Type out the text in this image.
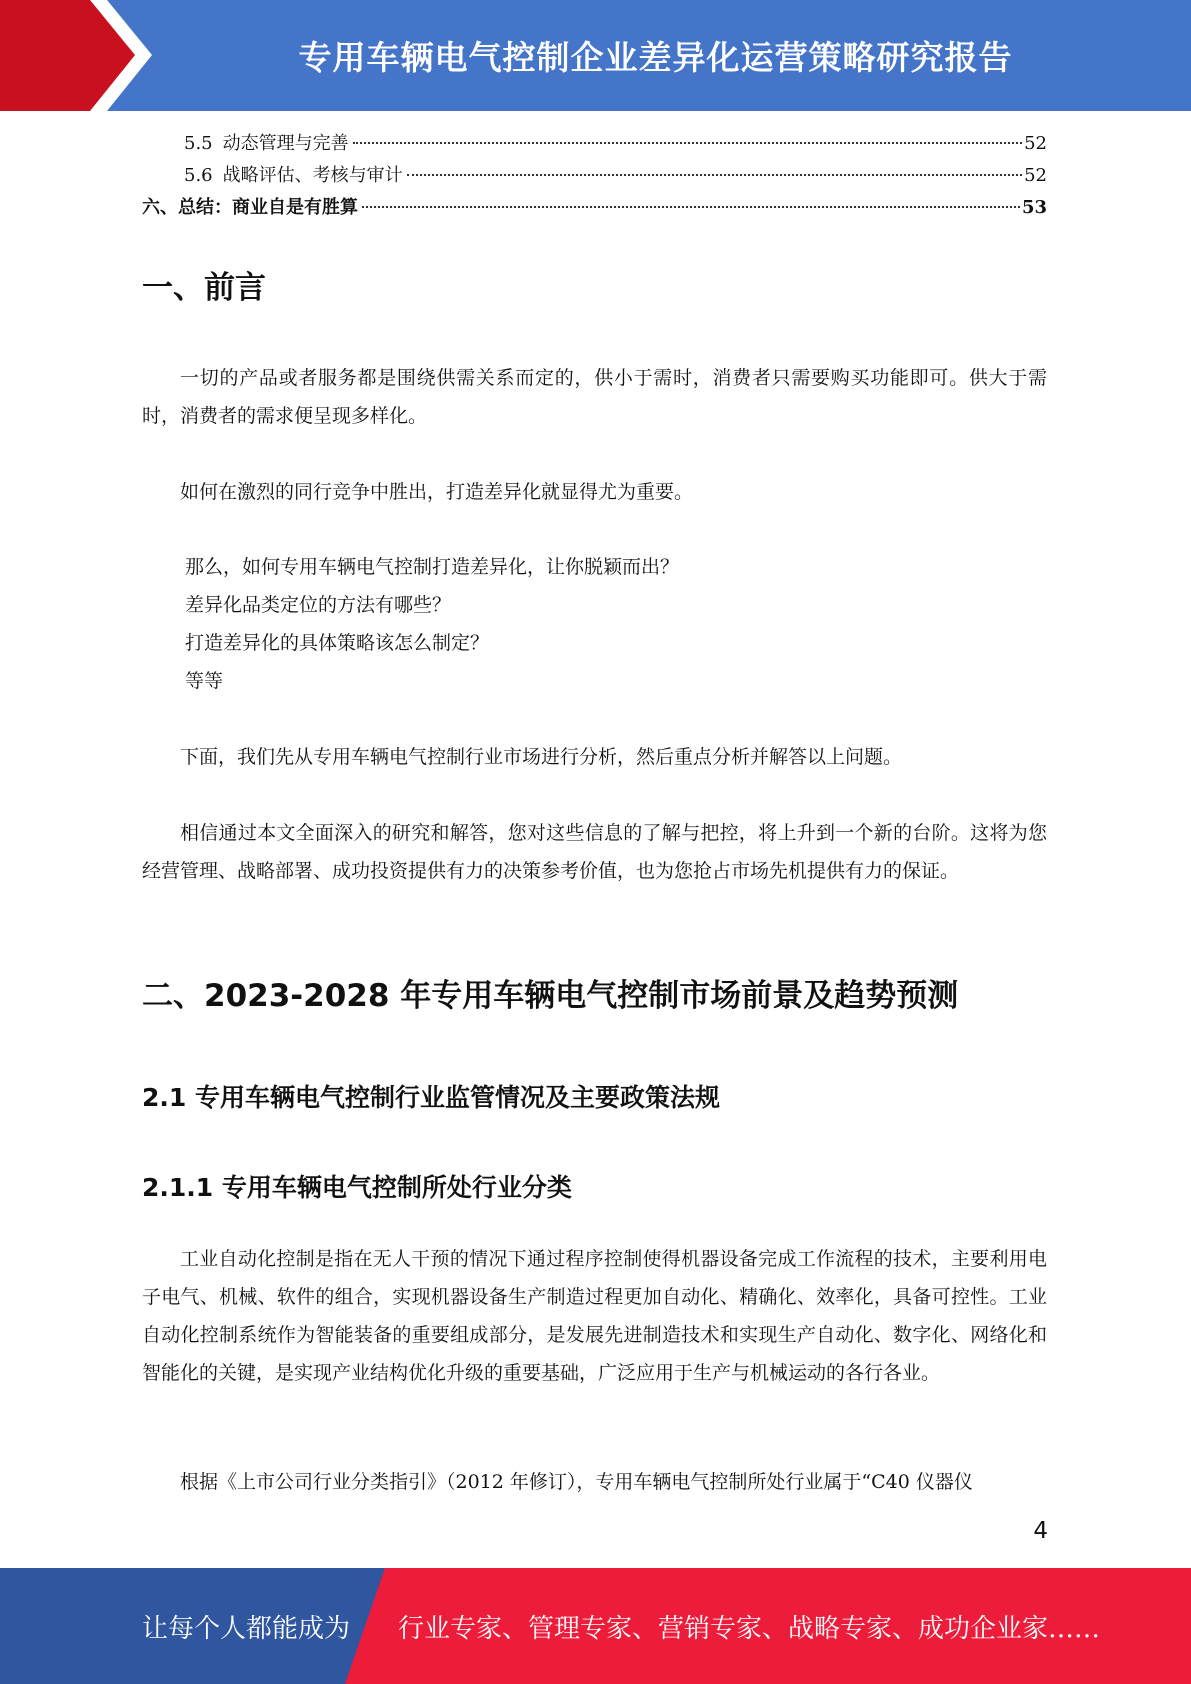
专用车辆电气控制企业差异化运营策略研究报告
5.5 动态管理与完善	52
5.6 战略评估、考核与审计	52
六、总结：商业自是有胜算	53
一、前言

一切的产品或者服务都是围绕供需关系而定的，供小于需时，消费者只需要购买功能即可。供大于需时，消费者的需求便呈现多样化。

如何在激烈的同行竞争中胜出，打造差异化就显得尤为重要。

那么，如何专用车辆电气控制打造差异化，让你脱颖而出？
差异化品类定位的方法有哪些？
打造差异化的具体策略该怎么制定？
等等

下面，我们先从专用车辆电气控制行业市场进行分析，然后重点分析并解答以上问题。

相信通过本文全面深入的研究和解答，您对这些信息的了解与把控，将上升到一个新的台阶。这将为您经营管理、战略部署、成功投资提供有力的决策参考价值，也为您抢占市场先机提供有力的保证。

二、2023-2028 年专用车辆电气控制市场前景及趋势预测
2.1 专用车辆电气控制行业监管情况及主要政策法规
2.1.1 专用车辆电气控制所处行业分类

工业自动化控制是指在无人干预的情况下通过程序控制使得机器设备完成工作流程的技术，主要利用电子电气、机械、软件的组合，实现机器设备生产制造过程更加自动化、精确化、效率化，具备可控性。工业自动化控制系统作为智能装备的重要组成部分，是发展先进制造技术和实现生产自动化、数字化、网络化和智能化的关键，是实现产业结构优化升级的重要基础，广泛应用于生产与机械运动的各行各业。

根据《上市公司行业分类指引》（2012 年修订），专用车辆电气控制所处行业属于“C40 仪器仪

4
让每个人都能成为 行业专家、管理专家、营销专家、战略专家、成功企业家……
